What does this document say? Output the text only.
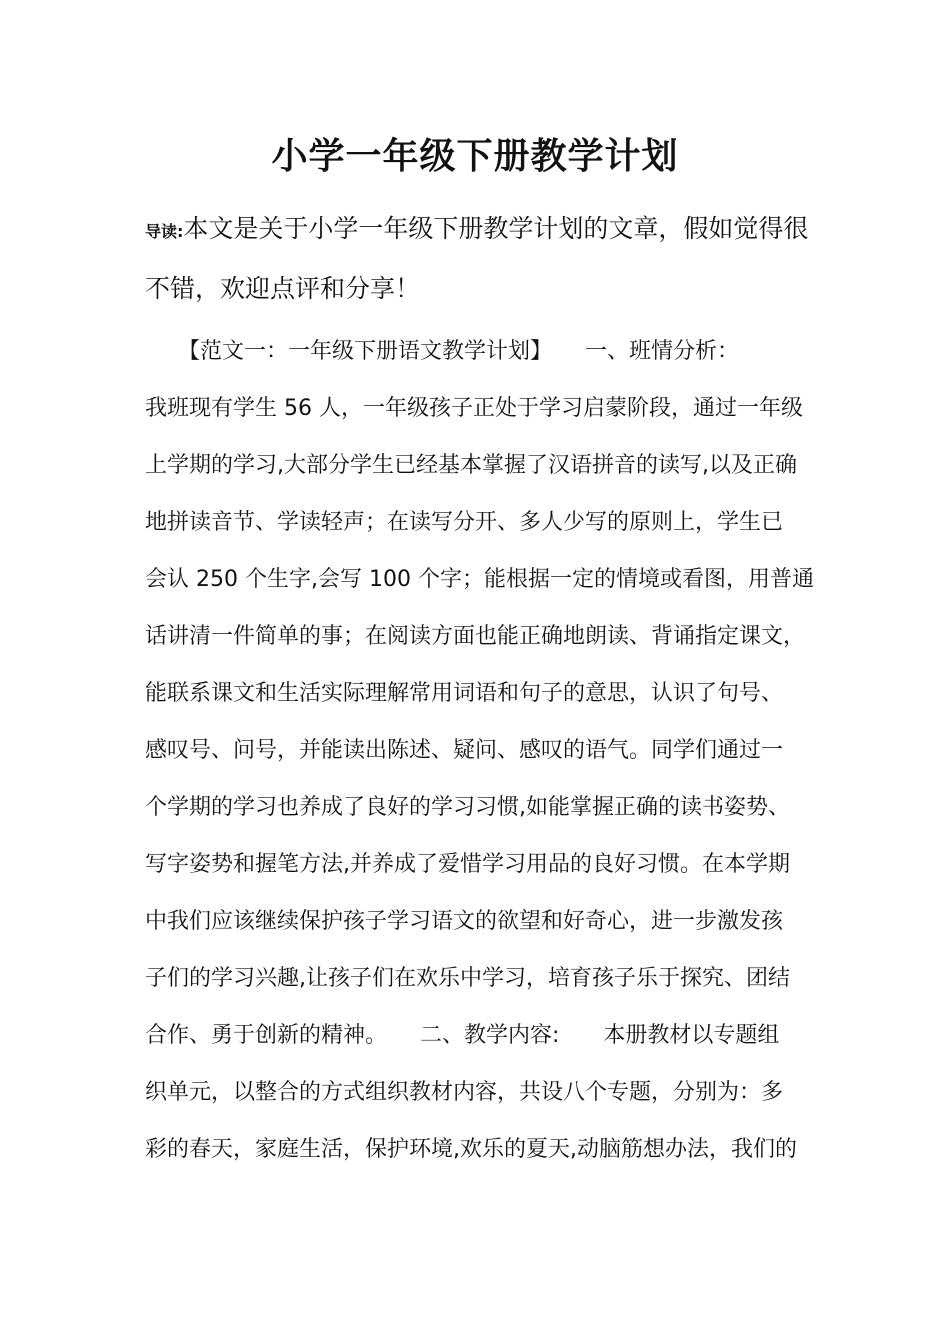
小学一年级下册教学计划
导读:本文是关于小学一年级下册教学计划的文章，假如觉得很不错，欢迎点评和分享！
　　【范文一：一年级下册语文教学计划】　　一、班情分析：
我班现有学生 56 人，一年级孩子正处于学习启蒙阶段，通过一年级
上学期的学习,大部分学生已经基本掌握了汉语拼音的读写,以及正确
地拼读音节、学读轻声；在读写分开、多人少写的原则上，学生已
会认 250 个生字,会写 100 个字；能根据一定的情境或看图，用普通
话讲清一件简单的事；在阅读方面也能正确地朗读、背诵指定课文，
能联系课文和生活实际理解常用词语和句子的意思，认识了句号、
感叹号、问号，并能读出陈述、疑问、感叹的语气。同学们通过一
个学期的学习也养成了良好的学习习惯,如能掌握正确的读书姿势、
写字姿势和握笔方法,并养成了爱惜学习用品的良好习惯。在本学期
中我们应该继续保护孩子学习语文的欲望和好奇心，进一步激发孩
子们的学习兴趣,让孩子们在欢乐中学习，培育孩子乐于探究、团结
合作、勇于创新的精神。　　二、教学内容:　　本册教材以专题组
织单元，以整合的方式组织教材内容，共设八个专题，分别为：多
彩的春天，家庭生活，保护环境,欢乐的夏天,动脑筋想办法，我们的
